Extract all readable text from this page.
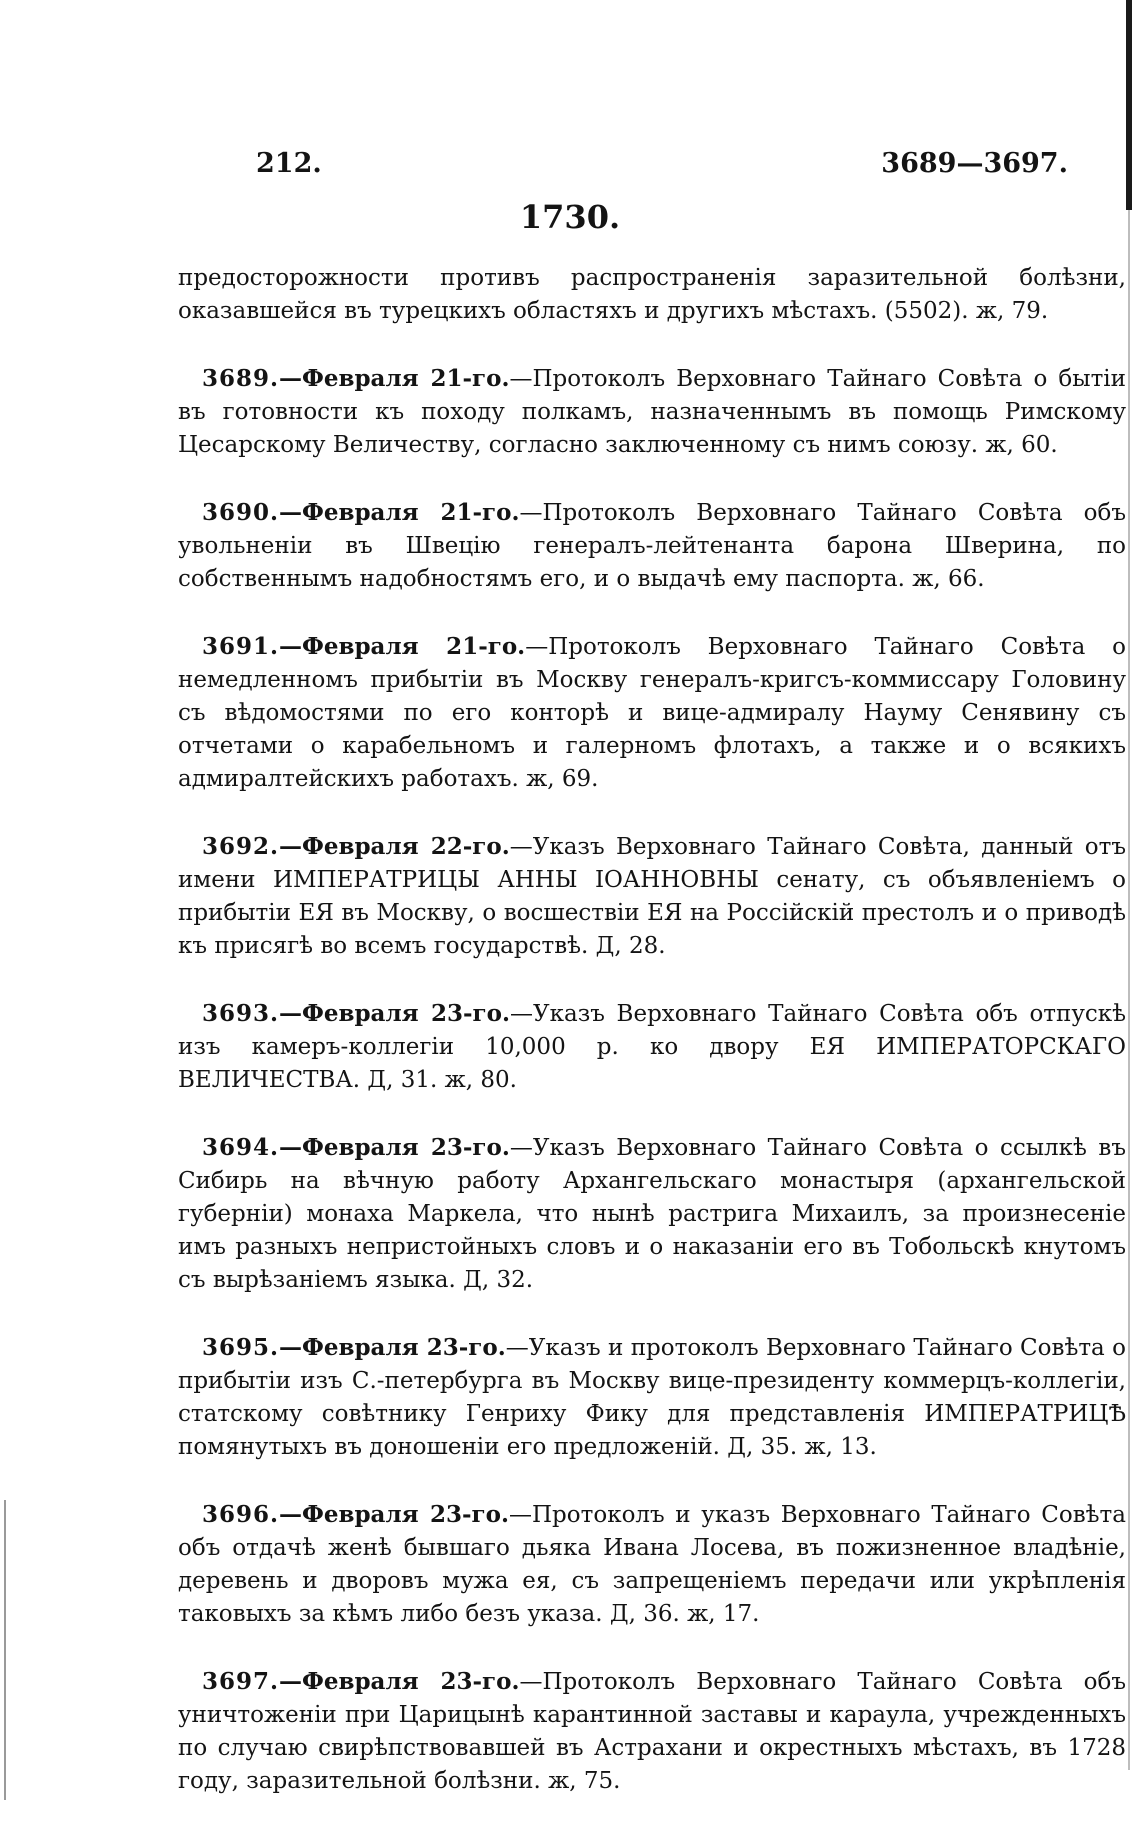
212.	3689—3697.
1730.

предосторожности противъ распространенія заразительной болѣзни, оказавшейся въ турецкихъ областяхъ и другихъ мѣстахъ. (5502). ж, 79.

3689.—Февраля 21-го.—Протоколъ Верховнаго Тайнаго Совѣта о бытіи въ готовности къ походу полкамъ, назначеннымъ въ помощь Римскому Цесарскому Величеству, согласно заключенному съ нимъ союзу. ж, 60.

3690.—Февраля 21-го.—Протоколъ Верховнаго Тайнаго Совѣта объ увольненіи въ Швецію генералъ-лейтенанта барона Шверина, по собственнымъ надобностямъ его, и о выдачѣ ему паспорта. ж, 66.

3691.—Февраля 21-го.—Протоколъ Верховнаго Тайнаго Совѣта о немедленномъ прибытіи въ Москву генералъ-кригсъ-коммиссару Головину съ вѣдомостями по его конторѣ и вице-адмиралу Науму Сенявину съ отчетами о карабельномъ и галерномъ флотахъ, а также и о всякихъ адмиралтейскихъ работахъ. ж, 69.

3692.—Февраля 22-го.—Указъ Верховнаго Тайнаго Совѣта, данный отъ имени ИМПЕРАТРИЦЫ АННЫ ІОАННОВНЫ сенату, съ объявленіемъ о прибытіи ЕЯ въ Москву, о восшествіи ЕЯ на Россійскій престолъ и о приводѣ къ присягѣ во всемъ государствѣ. Д, 28.

3693.—Февраля 23-го.—Указъ Верховнаго Тайнаго Совѣта объ отпускѣ изъ камеръ-коллегіи 10,000 р. ко двору ЕЯ ИМПЕРАТОРСКАГО ВЕЛИЧЕСТВА. Д, 31. ж, 80.

3694.—Февраля 23-го.—Указъ Верховнаго Тайнаго Совѣта о ссылкѣ въ Сибирь на вѣчную работу Архангельскаго монастыря (архангельской губерніи) монаха Маркела, что нынѣ растрига Михаилъ, за произнесеніе имъ разныхъ непристойныхъ словъ и о наказаніи его въ Тобольскѣ кнутомъ съ вырѣзаніемъ языка. Д, 32.

3695.—Февраля 23-го.—Указъ и протоколъ Верховнаго Тайнаго Совѣта о прибытіи изъ С.-петербурга въ Москву вице-президенту коммерцъ-коллегіи, статскому совѣтнику Генриху Фику для представленія ИМПЕРАТРИЦѢ помянутыхъ въ доношеніи его предложеній. Д, 35. ж, 13.

3696.—Февраля 23-го.—Протоколъ и указъ Верховнаго Тайнаго Совѣта объ отдачѣ женѣ бывшаго дьяка Ивана Лосева, въ пожизненное владѣніе, деревень и дворовъ мужа ея, съ запрещеніемъ передачи или укрѣпленія таковыхъ за кѣмъ либо безъ указа. Д, 36. ж, 17.

3697.—Февраля 23-го.—Протоколъ Верховнаго Тайнаго Совѣта объ уничтоженіи при Царицынѣ карантинной заставы и караула, учрежденныхъ по случаю свирѣпствовавшей въ Астрахани и окрестныхъ мѣстахъ, въ 1728 году, заразительной болѣзни. ж, 75.
